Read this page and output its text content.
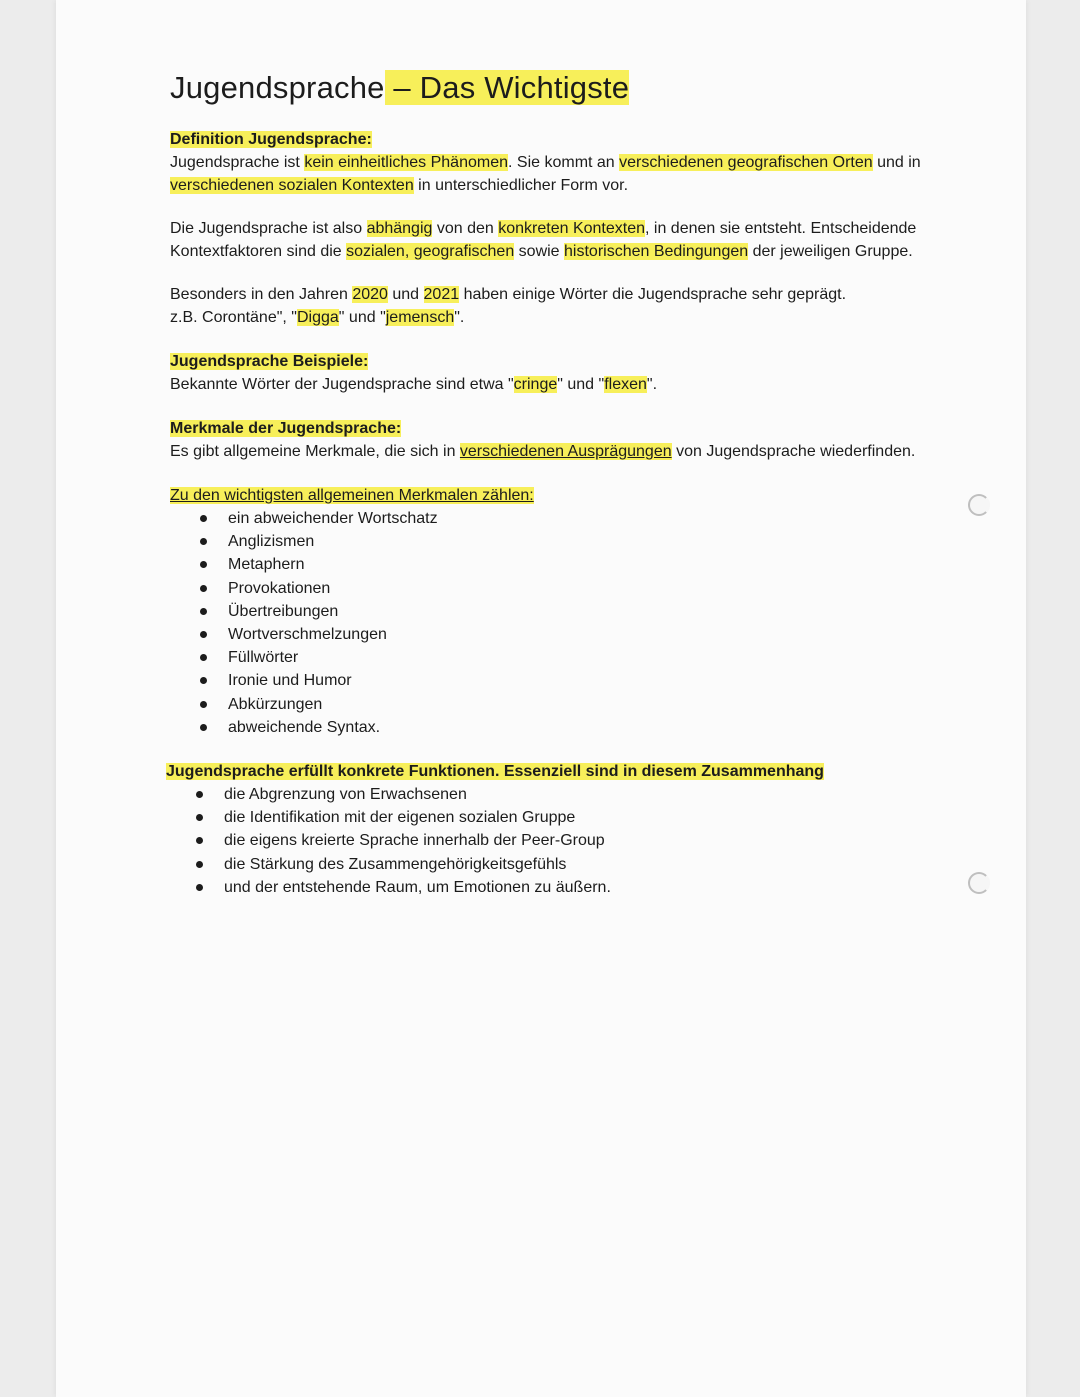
Jugendsprache – Das Wichtigste

Definition Jugendsprache:

Jugendsprache ist kein einheitliches Phänomen. Sie kommt an verschiedenen geografischen Orten und in verschiedenen sozialen Kontexten in unterschiedlicher Form vor.

Die Jugendsprache ist also abhängig von den konkreten Kontexten, in denen sie entsteht. Entscheidende Kontextfaktoren sind die sozialen, geografischen sowie historischen Bedingungen der jeweiligen Gruppe.

Besonders in den Jahren 2020 und 2021 haben einige Wörter die Jugendsprache sehr geprägt.
z.B. Corontäne", "Digga" und "jemensch".

Jugendsprache Beispiele:

Bekannte Wörter der Jugendsprache sind etwa "cringe" und "flexen".

Merkmale der Jugendsprache:

Es gibt allgemeine Merkmale, die sich in verschiedenen Ausprägungen von Jugendsprache wiederfinden.

Zu den wichtigsten allgemeinen Merkmalen zählen:

ein abweichender Wortschatz
Anglizismen
Metaphern
Provokationen
Übertreibungen
Wortverschmelzungen
Füllwörter
Ironie und Humor
Abkürzungen
abweichende Syntax.

Jugendsprache erfüllt konkrete Funktionen. Essenziell sind in diesem Zusammenhang

die Abgrenzung von Erwachsenen
die Identifikation mit der eigenen sozialen Gruppe
die eigens kreierte Sprache innerhalb der Peer-Group
die Stärkung des Zusammengehörigkeitsgefühls
und der entstehende Raum, um Emotionen zu äußern.
